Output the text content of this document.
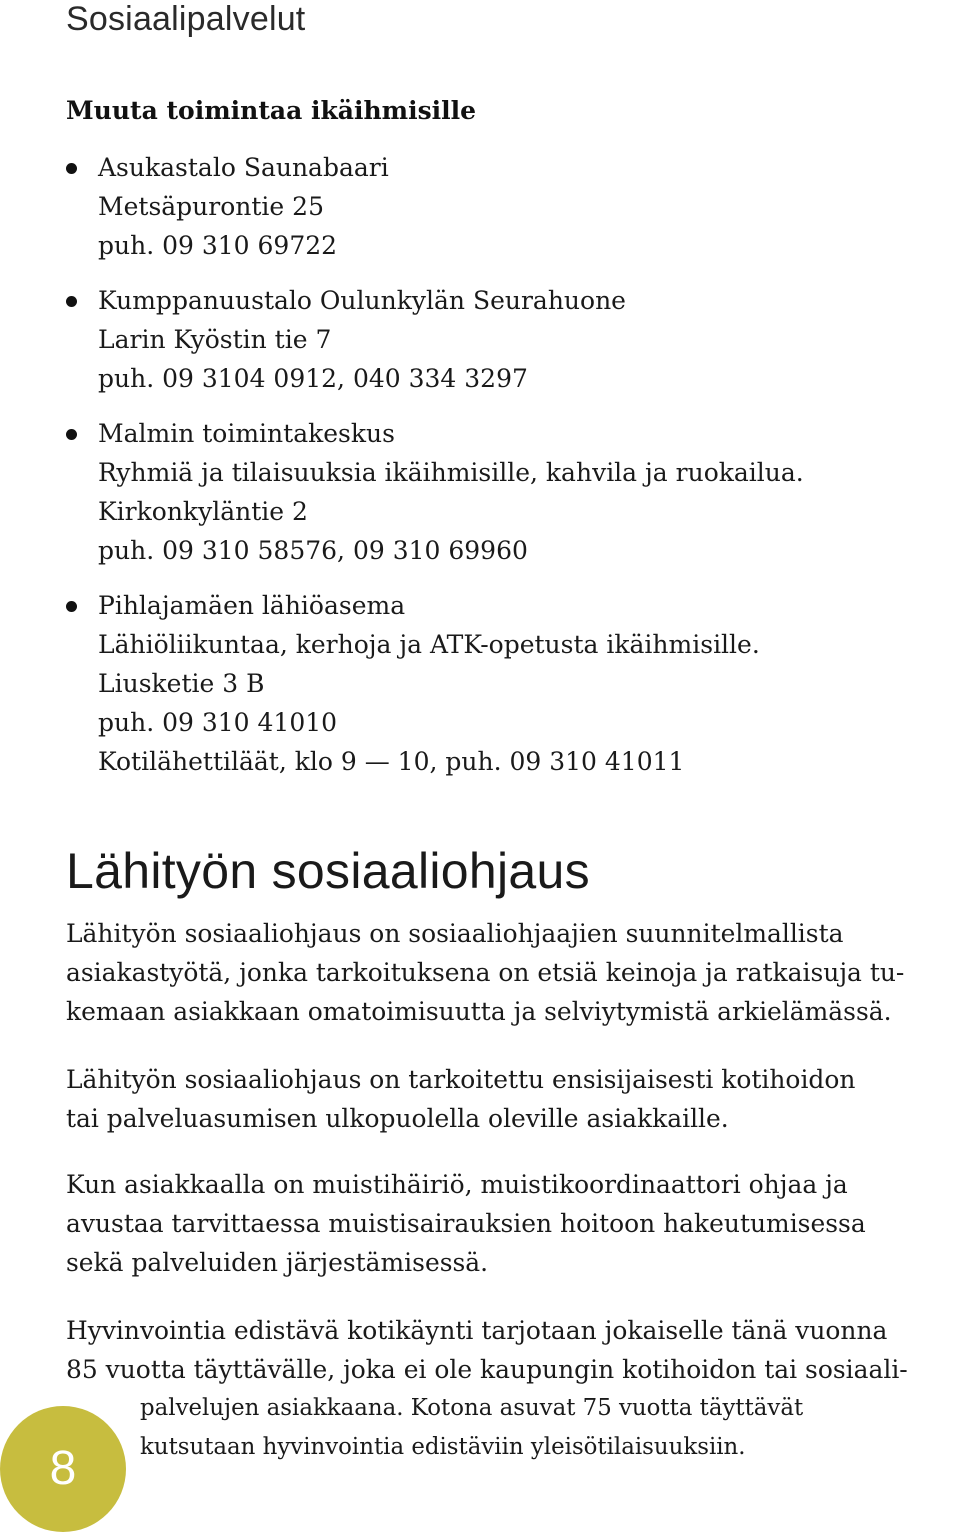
Sosiaalipalvelut
Muuta toimintaa ikäihmisille
Asukastalo Saunabaari
Metsäpurontie 25
puh. 09 310 69722
Kumppanuustalo Oulunkylän Seurahuone
Larin Kyöstin tie 7
puh. 09 3104 0912, 040 334 3297
Malmin toimintakeskus
Ryhmiä ja tilaisuuksia ikäihmisille, kahvila ja ruokailua.
Kirkonkyläntie 2
puh. 09 310 58576, 09 310 69960
Pihlajamäen lähiöasema
Lähiöliikuntaa, kerhoja ja ATK-opetusta ikäihmisille.
Liusketie 3 B
puh. 09 310 41010
Kotilähettiläät, klo 9 — 10, puh. 09 310 41011
Lähityön sosiaaliohjaus

Lähityön sosiaaliohjaus on sosiaaliohjaajien suunnitelmallista
asiakastyötä, jonka tarkoituksena on etsiä keinoja ja ratkaisuja tu-
kemaan asiakkaan omatoimisuutta ja selviytymistä arkielämässä.

Lähityön sosiaaliohjaus on tarkoitettu ensisijaisesti kotihoidon
tai palveluasumisen ulkopuolella oleville asiakkaille.

Kun asiakkaalla on muistihäiriö, muistikoordinaattori ohjaa ja
avustaa tarvittaessa muistisairauksien hoitoon hakeutumisessa
sekä palveluiden järjestämisessä.

Hyvinvointia edistävä kotikäynti tarjotaan jokaiselle tänä vuonna
85 vuotta täyttävälle, joka ei ole kaupungin kotihoidon tai sosiaali-
palvelujen asiakkaana. Kotona asuvat 75 vuotta täyttävät
kutsutaan hyvinvointia edistäviin yleisötilaisuuksiin.

8
